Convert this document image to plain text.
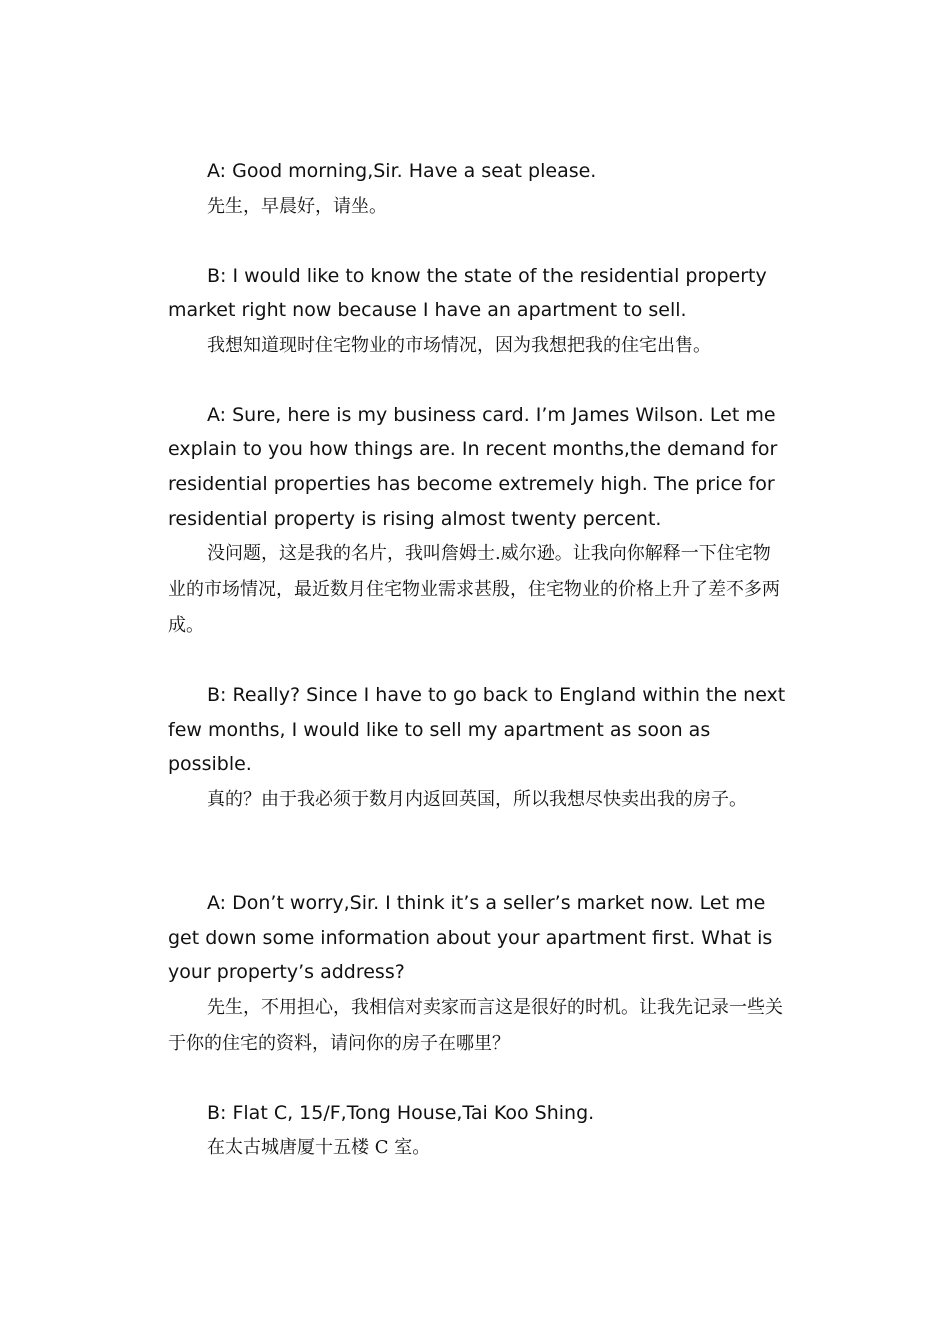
A: Good morning,Sir. Have a seat please.

先生，早晨好，请坐。

B: I would like to know the state of the residential property market right now because I have an apartment to sell.

我想知道现时住宅物业的市场情况，因为我想把我的住宅出售。

A: Sure, here is my business card. I’m James Wilson. Let me explain to you how things are. In recent months,the demand for residential properties has become extremely high. The price for residential property is rising almost twenty percent.

没问题，这是我的名片，我叫詹姆士.威尔逊。让我向你解释一下住宅物业的市场情况，最近数月住宅物业需求甚殷，住宅物业的价格上升了差不多两成。

B: Really? Since I have to go back to England within the next few months, I would like to sell my apartment as soon as possible.

真的？由于我必须于数月内返回英国，所以我想尽快卖出我的房子。

A: Don’t worry,Sir. I think it’s a seller’s market now. Let me get down some information about your apartment first. What is your property’s address?

先生，不用担心，我相信对卖家而言这是很好的时机。让我先记录一些关于你的住宅的资料，请问你的房子在哪里？

B: Flat C, 15/F,Tong House,Tai Koo Shing.

在太古城唐厦十五楼 C 室。
